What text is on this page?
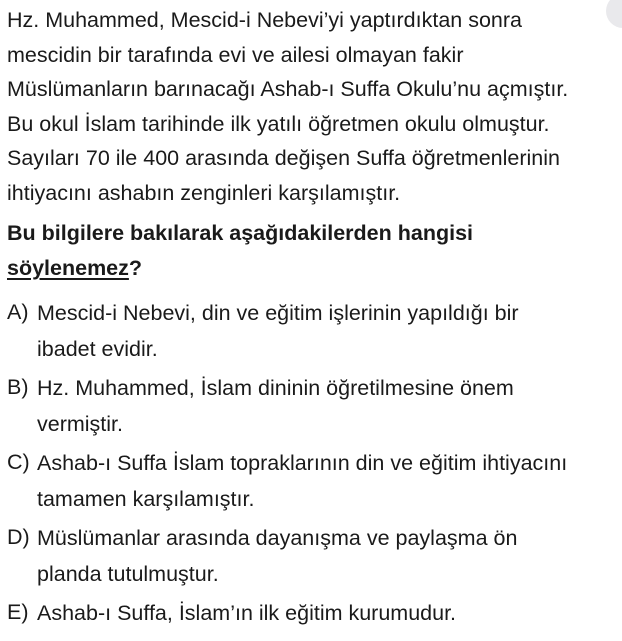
Hz. Muhammed, Mescid-i Nebevi’yi yaptırdıktan sonra
mescidin bir tarafında evi ve ailesi olmayan fakir
Müslümanların barınacağı Ashab-ı Suffa Okulu’nu açmıştır.
Bu okul İslam tarihinde ilk yatılı öğretmen okulu olmuştur.
Sayıları 70 ile 400 arasında değişen Suffa öğretmenlerinin
ihtiyacını ashabın zenginleri karşılamıştır.
Bu bilgilere bakılarak aşağıdakilerden hangisi
söylenemez?
A) Mescid-i Nebevi, din ve eğitim işlerinin yapıldığı bir
ibadet evidir.
B) Hz. Muhammed, İslam dininin öğretilmesine önem
vermiştir.
C) Ashab-ı Suffa İslam topraklarının din ve eğitim ihtiyacını
tamamen karşılamıştır.
D) Müslümanlar arasında dayanışma ve paylaşma ön
planda tutulmuştur.
E) Ashab-ı Suffa, İslam’ın ilk eğitim kurumudur.
